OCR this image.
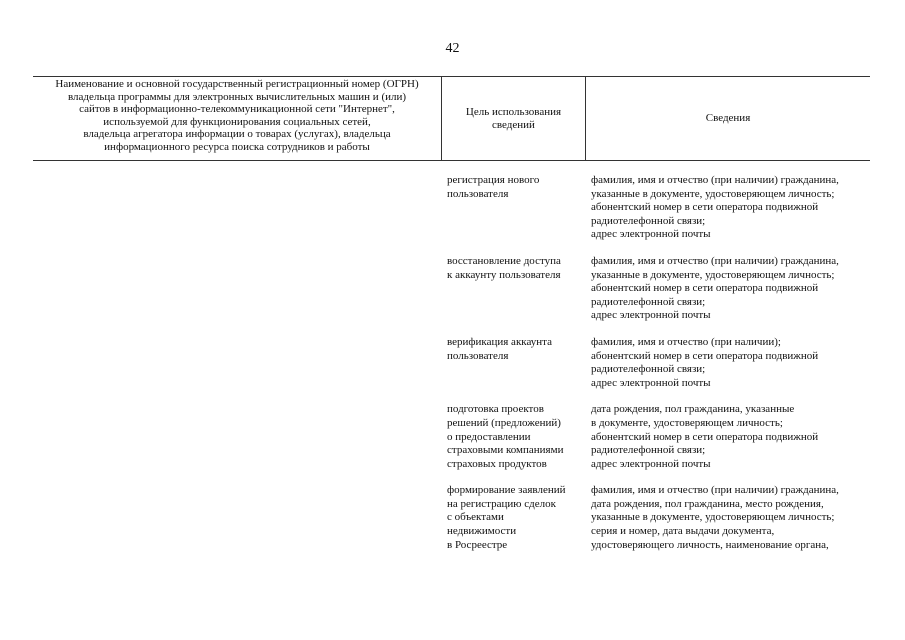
42
Наименование и основной государственный регистрационный номер (ОГРН)
владельца программы для электронных вычислительных машин и (или)
сайтов в информационно-телекоммуникационной сети "Интернет",
используемой для функционирования социальных сетей,
владельца агрегатора информации о товарах (услугах), владельца
информационного ресурса поиска сотрудников и работы
Цель использования
сведений
Сведения
регистрация нового
пользователя
фамилия, имя и отчество (при наличии) гражданина,
указанные в документе, удостоверяющем личность;
абонентский номер в сети оператора подвижной
радиотелефонной связи;
адрес электронной почты
восстановление доступа
к аккаунту пользователя
фамилия, имя и отчество (при наличии) гражданина,
указанные в документе, удостоверяющем личность;
абонентский номер в сети оператора подвижной
радиотелефонной связи;
адрес электронной почты
верификация аккаунта
пользователя
фамилия, имя и отчество (при наличии);
абонентский номер в сети оператора подвижной
радиотелефонной связи;
адрес электронной почты
подготовка проектов
решений (предложений)
о предоставлении
страховыми компаниями
страховых продуктов
дата рождения, пол гражданина, указанные
в документе, удостоверяющем личность;
абонентский номер в сети оператора подвижной
радиотелефонной связи;
адрес электронной почты
формирование заявлений
на регистрацию сделок
с объектами
недвижимости
в Росреестре
фамилия, имя и отчество (при наличии) гражданина,
дата рождения, пол гражданина, место рождения,
указанные в документе, удостоверяющем личность;
серия и номер, дата выдачи документа,
удостоверяющего личность, наименование органа,
